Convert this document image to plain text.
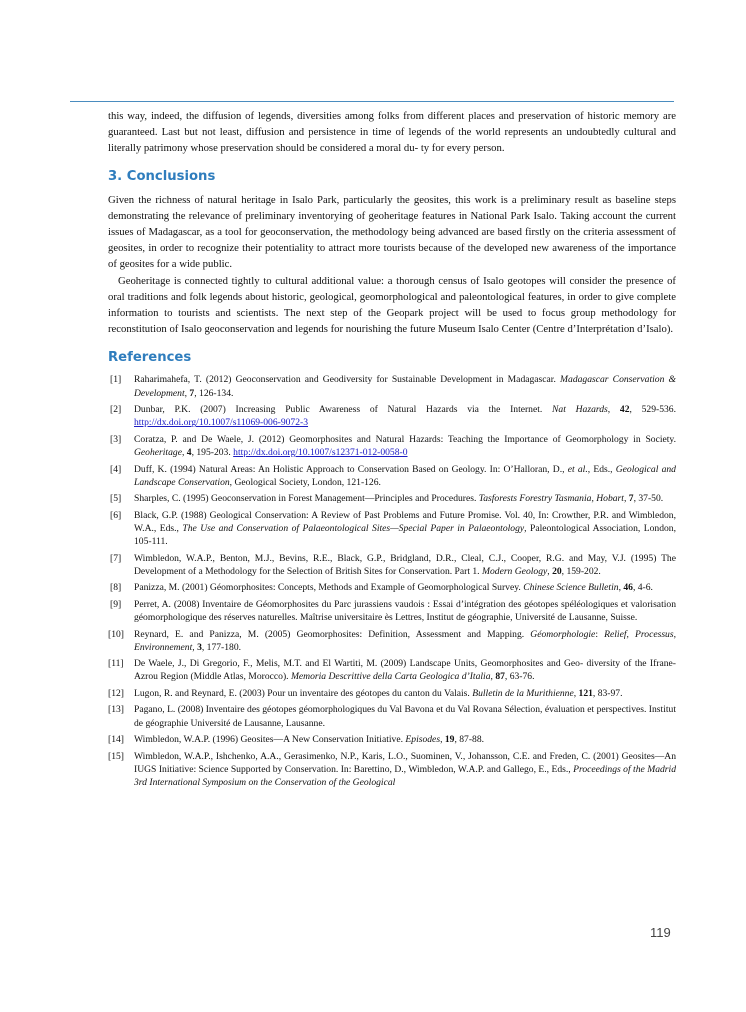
this way, indeed, the diffusion of legends, diversities among folks from different places and preservation of historic memory are guaranteed. Last but not least, diffusion and persistence in time of legends of the world represents an undoubtedly cultural and literally patrimony whose preservation should be considered a moral du- ty for every person.

3. Conclusions

Given the richness of natural heritage in Isalo Park, particularly the geosites, this work is a preliminary result as baseline steps demonstrating the relevance of preliminary inventorying of geoheritage features in National Park Isalo. Taking account the current issues of Madagascar, as a tool for geoconservation, the methodology being advanced are based firstly on the criteria assessment of geosites, in order to recognize their potentiality to attract more tourists because of the developed new awareness of the importance of geosites for a wide public.

Geoheritage is connected tightly to cultural additional value: a thorough census of Isalo geotopes will consider the presence of oral traditions and folk legends about historic, geological, geomorphological and paleontological features, in order to give complete information to tourists and scientists. The next step of the Geopark project will be used to focus group methodology for reconstitution of Isalo geoconservation and legends for nourishing the future Museum Isalo Center (Centre d’Interprétation d’Isalo).

References
[1] Raharimahefa, T. (2012) Geoconservation and Geodiversity for Sustainable Development in Madagascar. Madagascar Conservation & Development, 7, 126-134.
[2] Dunbar, P.K. (2007) Increasing Public Awareness of Natural Hazards via the Internet. Nat Hazards, 42, 529-536. http://dx.doi.org/10.1007/s11069-006-9072-3
[3] Coratza, P. and De Waele, J. (2012) Geomorphosites and Natural Hazards: Teaching the Importance of Geomorphology in Society. Geoheritage, 4, 195-203. http://dx.doi.org/10.1007/s12371-012-0058-0
[4] Duff, K. (1994) Natural Areas: An Holistic Approach to Conservation Based on Geology. In: O’Halloran, D., et al., Eds., Geological and Landscape Conservation, Geological Society, London, 121-126.
[5] Sharples, C. (1995) Geoconservation in Forest Management—Principles and Procedures. Tasforests Forestry Tasmania, Hobart, 7, 37-50.
[6] Black, G.P. (1988) Geological Conservation: A Review of Past Problems and Future Promise. Vol. 40, In: Crowther, P.R. and Wimbledon, W.A., Eds., The Use and Conservation of Palaeontological Sites—Special Paper in Palaeontology, Paleontological Association, London, 105-111.
[7] Wimbledon, W.A.P., Benton, M.J., Bevins, R.E., Black, G.P., Bridgland, D.R., Cleal, C.J., Cooper, R.G. and May, V.J. (1995) The Development of a Methodology for the Selection of British Sites for Conservation. Part 1. Modern Geology, 20, 159-202.
[8] Panizza, M. (2001) Géomorphosites: Concepts, Methods and Example of Geomorphological Survey. Chinese Science Bulletin, 46, 4-6.
[9] Perret, A. (2008) Inventaire de Géomorphosites du Parc jurassiens vaudois : Essai d’intégration des géotopes spéléologiques et valorisation géomorphologique des réserves naturelles. Maîtrise universitaire ès Lettres, Institut de géographie, Université de Lausanne, Suisse.
[10] Reynard, E. and Panizza, M. (2005) Geomorphosites: Definition, Assessment and Mapping. Géomorphologie: Relief, Processus, Environnement, 3, 177-180.
[11] De Waele, J., Di Gregorio, F., Melis, M.T. and El Wartiti, M. (2009) Landscape Units, Geomorphosites and Geo- diversity of the Ifrane-Azrou Region (Middle Atlas, Morocco). Memoria Descrittive della Carta Geologica d’Italia, 87, 63-76.
[12] Lugon, R. and Reynard, E. (2003) Pour un inventaire des géotopes du canton du Valais. Bulletin de la Murithienne, 121, 83-97.
[13] Pagano, L. (2008) Inventaire des géotopes géomorphologiques du Val Bavona et du Val Rovana Sélection, évaluation et perspectives. Institut de géographie Université de Lausanne, Lausanne.
[14] Wimbledon, W.A.P. (1996) Geosites—A New Conservation Initiative. Episodes, 19, 87-88.
[15] Wimbledon, W.A.P., Ishchenko, A.A., Gerasimenko, N.P., Karis, L.O., Suominen, V., Johansson, C.E. and Freden, C. (2001) Geosites—An IUGS Initiative: Science Supported by Conservation. In: Barettino, D., Wimbledon, W.A.P. and Gallego, E., Eds., Proceedings of the Madrid 3rd International Symposium on the Conservation of the Geological
119
